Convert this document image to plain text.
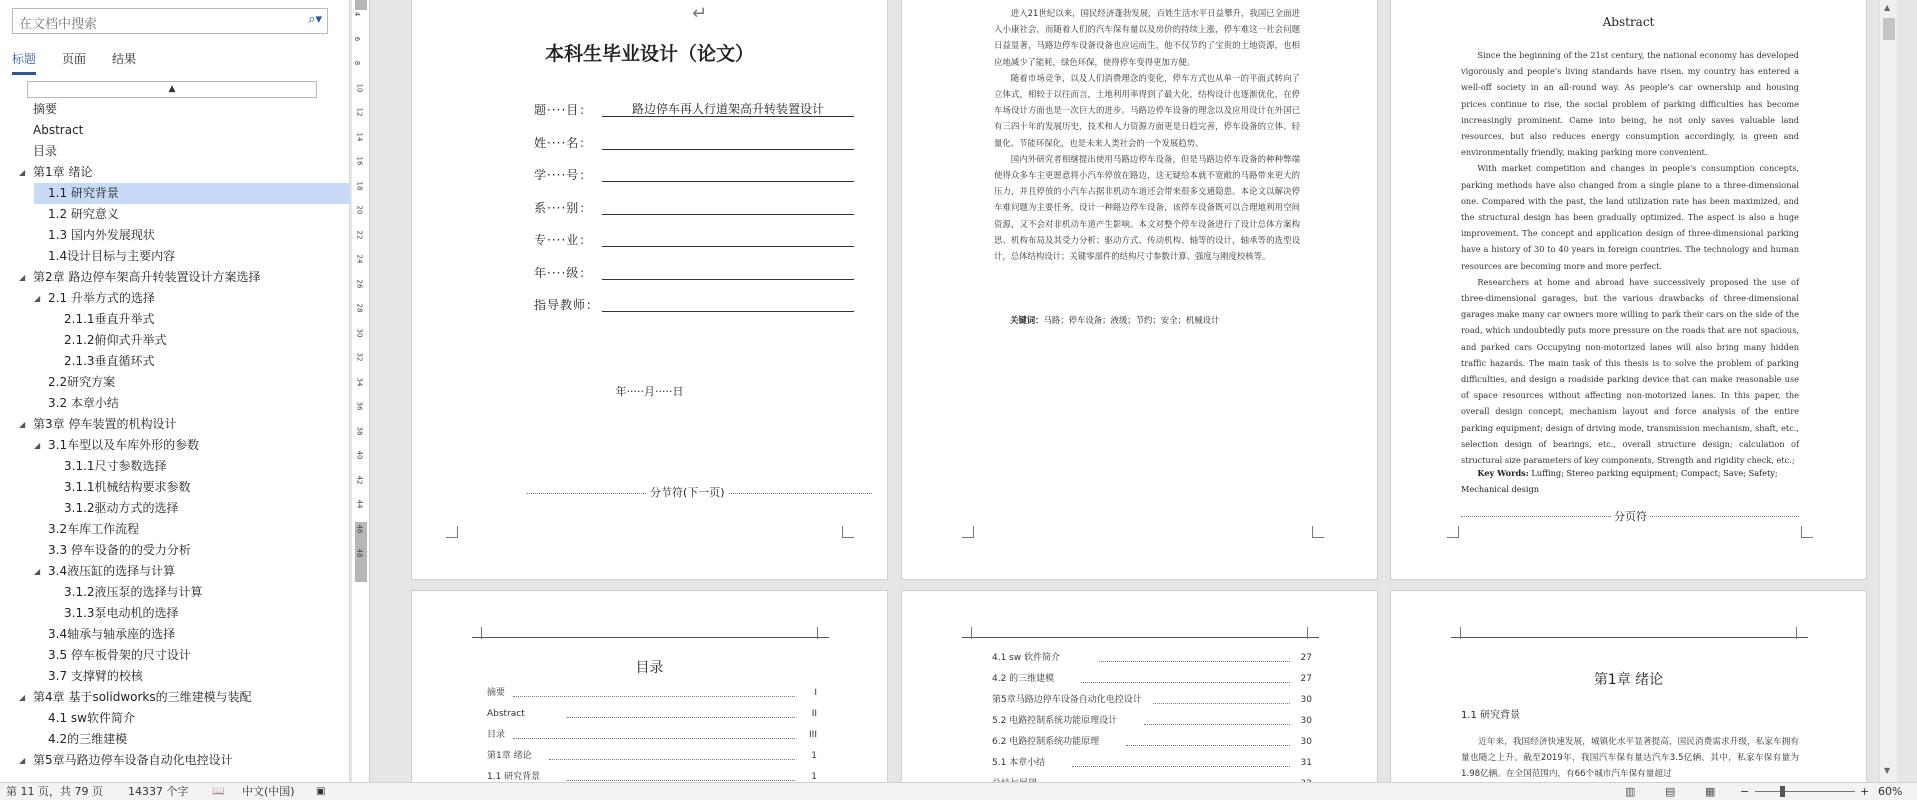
在文档中搜索	⌕▾
标题 页面 结果
▲
摘要
Abstract
目录
◢ 第1章 绪论
1.1 研究背景
1.2 研究意义
1.3 国内外发展现状
1.4设计目标与主要内容
◢ 第2章 路边停车架高升转装置设计方案选择
◢ 2.1 升举方式的选择
2.1.1垂直升举式
2.1.2俯仰式升举式
2.1.3垂直循环式
2.2研究方案
3.2 本章小结
◢ 第3章 停车装置的机构设计
◢ 3.1车型以及车库外形的参数
3.1.1尺寸参数选择
3.1.1机械结构要求参数
3.1.2驱动方式的选择
3.2车库工作流程
3.3 停车设备的的受力分析
◢ 3.4液压缸的选择与计算
3.1.2液压泵的选择与计算
3.1.3泵电动机的选择
3.4轴承与轴承座的选择
3.5 停车板骨架的尺寸设计
3.7 支撑臂的校核
◢ 第4章 基于solidworks的三维建模与装配
4.1 sw软件简介
4.2的三维建模
◢ 第5章马路边停车设备自动化电控设计
4
6
8
10
12
14
16
18
20
22
24
26
28
30
32
34
36
38
40
42
44
46
48
↵
本科生毕业设计（论文）
题····目：	路边停车再人行道架高升转装置设计
姓····名：
学····号：
系····别：
专····业：
年····级：
指导教师：
年·····月·····日
分节符(下一页)

进入21世纪以来，国民经济蓬勃发展，百姓生活水平日益攀升，我国已全面进入小康社会，而随着人们的汽车保有量以及房价的持续上涨，停车难这一社会问题日益显著，马路边停车设备设备也应运而生，他不仅节约了宝贵的土地资源，也相应地减少了能耗，绿色环保，使得停车变得更加方便。

随着市场竞争，以及人们消费理念的变化，停车方式也从单一的平面式转向了立体式，相较于以往而言，土地利用率得到了最大化，结构设计也逐渐优化，在停车场设计方面也是一次巨大的进步。马路边停车设备的理念以及应用设计在外国已有三四十年的发展历史，技术和人力资源方面更是日趋完善，停车设备的立体、轻量化、节能环保化，也是未来人类社会的一个发展趋势。

国内外研究者相继提出使用马路边停车设备，但是马路边停车设备的种种弊端使得众多车主更愿意将小汽车停放在路边，这无疑给本就不宽敞的马路带来更大的压力，并且停放的小汽车占据非机动车道还会带来很多交通隐患。本论文以解决停车难问题为主要任务，设计一种路边停车设备，该停车设备既可以合理地利用空间资源，又不会对非机动车道产生影响。本文对整个停车设备进行了设计总体方案构思、机构布局及其受力分析；驱动方式、传动机构、轴等的设计，轴承等的选型设计，总体结构设计；关键零部件的结构尺寸参数计算、强度与刚度校核等。

关键词：马路；停车设备；液缓；节约；安全；机械设计
Abstract

Since the beginning of the 21st century, the national economy has developed vigorously and people's living standards have risen. my country has entered a well-off society in an all-round way. As people's car ownership and housing prices continue to rise, the social problem of parking difficulties has become increasingly prominent. Came into being, he not only saves valuable land resources, but also reduces energy consumption accordingly, is green and environmentally friendly, making parking more convenient.

With market competition and changes in people's consumption concepts, parking methods have also changed from a single plane to a three-dimensional one. Compared with the past, the land utilization rate has been maximized, and the structural design has been gradually optimized. The aspect is also a huge improvement. The concept and application design of three-dimensional parking have a history of 30 to 40 years in foreign countries. The technology and human resources are becoming more and more perfect.

Researchers at home and abroad have successively proposed the use of three-dimensional garages, but the various drawbacks of three-dimensional garages make many car owners more willing to park their cars on the side of the road, which undoubtedly puts more pressure on the roads that are not spacious, and parked cars Occupying non-motorized lanes will also bring many hidden traffic hazards. The main task of this thesis is to solve the problem of parking difficulties, and design a roadside parking device that can make reasonable use of space resources without affecting non-motorized lanes. In this paper, the overall design concept, mechanism layout and force analysis of the entire parking equipment; design of driving mode, transmission mechanism, shaft, etc., selection design of bearings, etc., overall structure design; calculation of structural size parameters of key components, Strength and rigidity check, etc.;

Key Words: Luffing; Stereo parking equipment; Compact; Save; Safety; Mechanical design
分页符
目录
摘要	I
Abstract	II
目录	III
第1章 绪论	1
1.1 研究背景	1
4.1 sw 软件简介	27
4.2 的三维建模	27
第5章马路边停车设备自动化电控设计	30
5.2 电路控制系统功能原理设计	30
6.2 电路控制系统功能原理	30
5.1 本章小结	31
第1章 绪论
1.1 研究背景

近年来，我国经济快速发展，城镇化水平显著提高，国民消费需求升级，私家车拥有量也随之上升。截至2019年，我国汽车保有量达汽车3.5亿辆，其中，私家车保有量为1.98亿辆。在全国范围内，有66个城市汽车保有量超过

▲
▼
第 11 页，共 79 页 14337 个字 📖 中文(中国) ▣	▥	▤	▦ −	+ 60%
